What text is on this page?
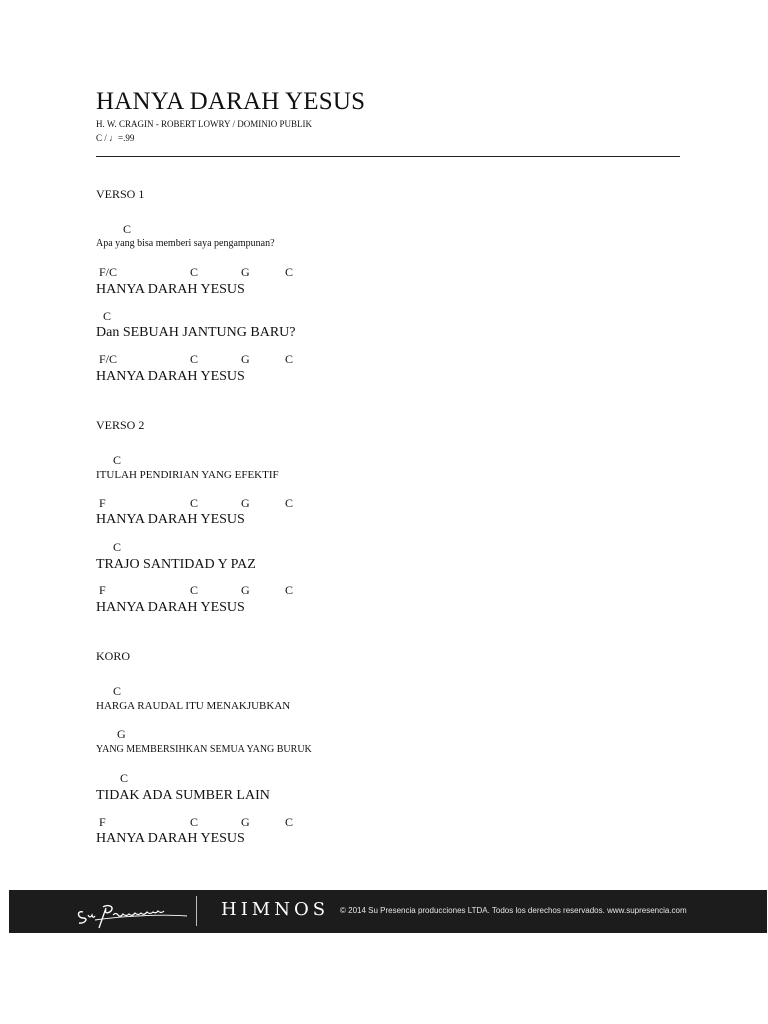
HANYA DARAH YESUS
H. W. CRAGIN - ROBERT LOWRY / DOMINIO PUBLIK
C / ♩=.99
VERSO 1
C
Apa yang bisa memberi saya pengampunan?
F/C	C	G	C
HANYA DARAH YESUS
C
Dan SEBUAH JANTUNG BARU?
F/C	C	G	C
HANYA DARAH YESUS
VERSO 2
C
ITULAH PENDIRIAN YANG EFEKTIF
F	C	G	C
HANYA DARAH YESUS
C
TRAJO SANTIDAD Y PAZ
F	C	G	C
HANYA DARAH YESUS
KORO
C
HARGA RAUDAL ITU MENAKJUBKAN
G
YANG MEMBERSIHKAN SEMUA YANG BURUK
C
TIDAK ADA SUMBER LAIN
F	C	G	C
HANYA DARAH YESUS
HIMNOS © 2014 Su Presencia producciones LTDA. Todos los derechos reservados. www.supresencia.com
